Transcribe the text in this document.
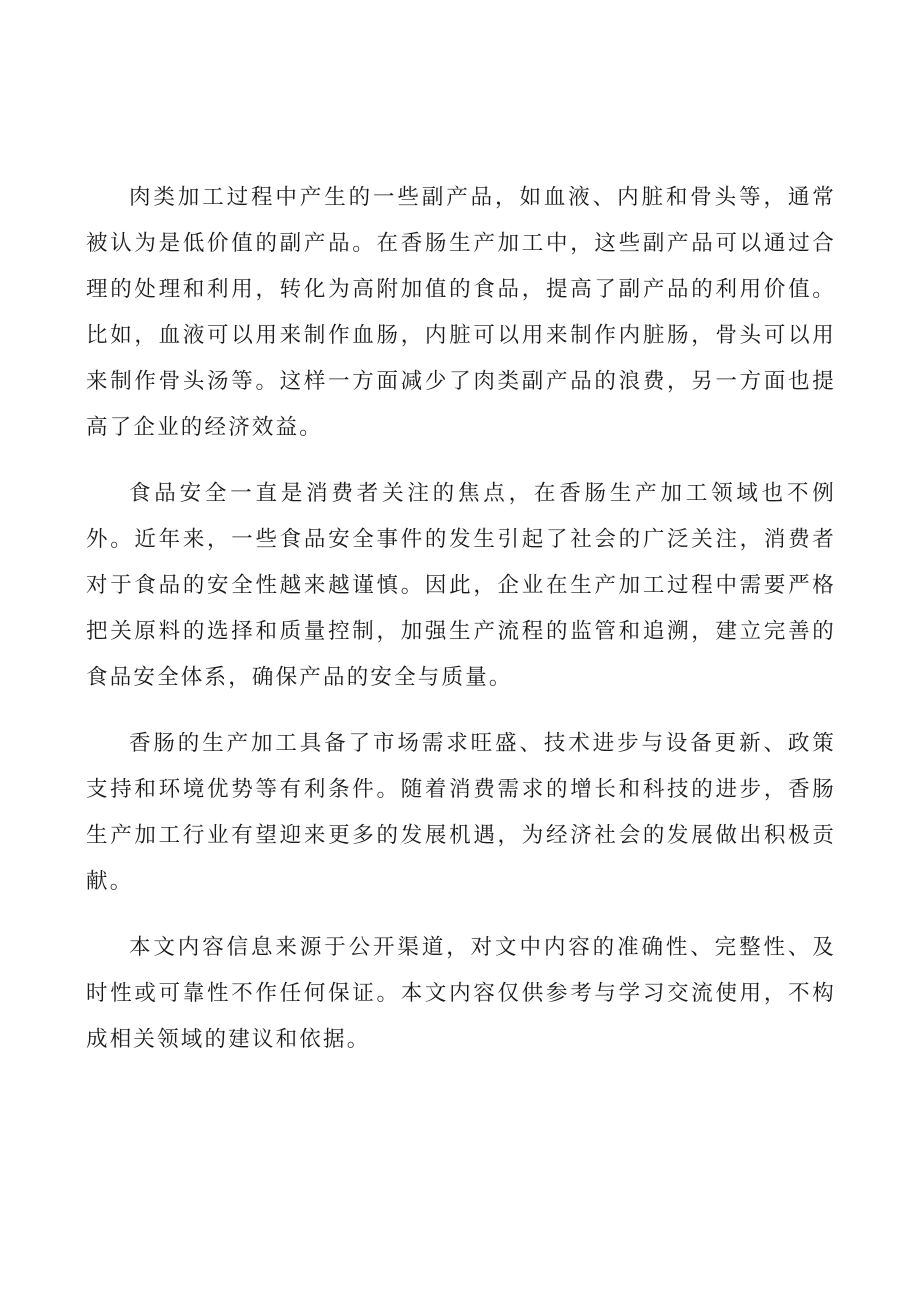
肉类加工过程中产生的一些副产品，如血液、内脏和骨头等，通常被认为是低价值的副产品。在香肠生产加工中，这些副产品可以通过合理的处理和利用，转化为高附加值的食品，提高了副产品的利用价值。比如，血液可以用来制作血肠，内脏可以用来制作内脏肠，骨头可以用来制作骨头汤等。这样一方面减少了肉类副产品的浪费，另一方面也提高了企业的经济效益。

食品安全一直是消费者关注的焦点，在香肠生产加工领域也不例外。近年来，一些食品安全事件的发生引起了社会的广泛关注，消费者对于食品的安全性越来越谨慎。因此，企业在生产加工过程中需要严格把关原料的选择和质量控制，加强生产流程的监管和追溯，建立完善的食品安全体系，确保产品的安全与质量。

香肠的生产加工具备了市场需求旺盛、技术进步与设备更新、政策支持和环境优势等有利条件。随着消费需求的增长和科技的进步，香肠生产加工行业有望迎来更多的发展机遇，为经济社会的发展做出积极贡献。

本文内容信息来源于公开渠道，对文中内容的准确性、完整性、及时性或可靠性不作任何保证。本文内容仅供参考与学习交流使用，不构成相关领域的建议和依据。
